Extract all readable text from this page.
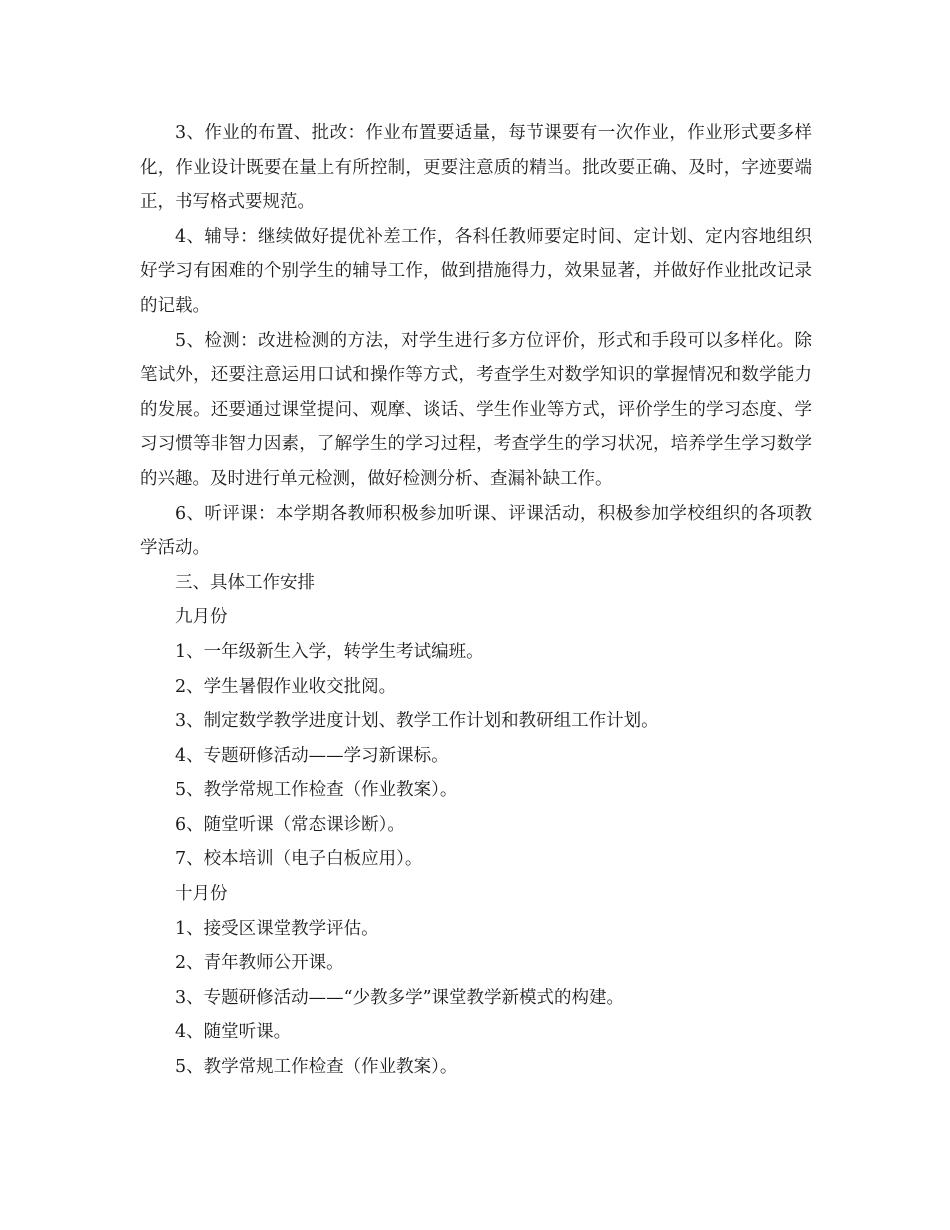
3、作业的布置、批改：作业布置要适量，每节课要有一次作业，作业形式要多样化，作业设计既要在量上有所控制，更要注意质的精当。批改要正确、及时，字迹要端正，书写格式要规范。

4、辅导：继续做好提优补差工作，各科任教师要定时间、定计划、定内容地组织好学习有困难的个别学生的辅导工作，做到措施得力，效果显著，并做好作业批改记录的记载。

5、检测：改进检测的方法，对学生进行多方位评价，形式和手段可以多样化。除笔试外，还要注意运用口试和操作等方式，考查学生对数学知识的掌握情况和数学能力的发展。还要通过课堂提问、观摩、谈话、学生作业等方式，评价学生的学习态度、学习习惯等非智力因素，了解学生的学习过程，考查学生的学习状况，培养学生学习数学的兴趣。及时进行单元检测，做好检测分析、查漏补缺工作。

6、听评课：本学期各教师积极参加听课、评课活动，积极参加学校组织的各项教学活动。

三、具体工作安排

九月份

1、一年级新生入学，转学生考试编班。

2、学生暑假作业收交批阅。

3、制定数学教学进度计划、教学工作计划和教研组工作计划。

4、专题研修活动——学习新课标。

5、教学常规工作检查（作业教案）。

6、随堂听课（常态课诊断）。

7、校本培训（电子白板应用）。

十月份

1、接受区课堂教学评估。

2、青年教师公开课。

3、专题研修活动——“少教多学”课堂教学新模式的构建。

4、随堂听课。

5、教学常规工作检查（作业教案）。
